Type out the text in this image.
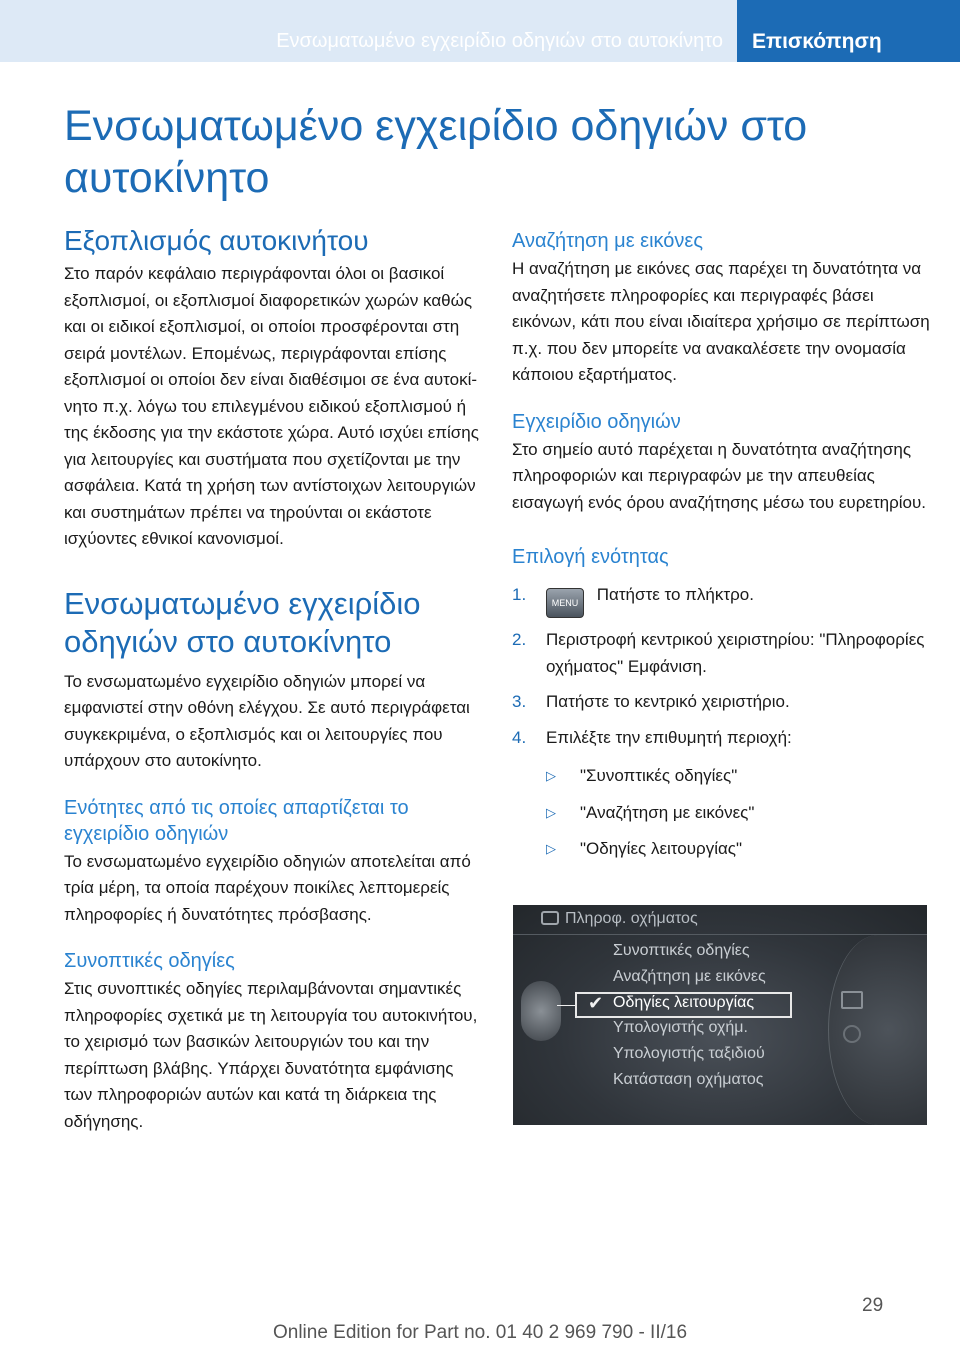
Ενσωματωμένο εγχειρίδιο οδηγιών στο αυτοκίνητο	Επισκόπηση
Ενσωματωμένο εγχειρίδιο οδηγιών στο αυτοκίνητο
Εξοπλισμός αυτοκινήτου

Στο παρόν κεφάλαιο περιγράφονται όλοι οι βασικοί εξοπλισμοί, οι εξοπλισμοί διαφορετικών χωρών καθώς και οι ειδικοί εξοπλισμοί, οι οποίοι προσφέρονται στη σειρά μοντέλων. Επομένως, περιγράφονται επίσης εξοπλισμοί οι οποίοι δεν είναι διαθέσιμοι σε ένα αυτοκίνητο π.χ. λόγω του επιλεγμένου ειδικού εξοπλισμού ή της έκδοσης για την εκάστοτε χώρα. Αυτό ισχύει επίσης για λειτουργίες και συστήματα που σχετίζονται με την ασφάλεια. Κατά τη χρήση των αντίστοιχων λειτουργιών και συστημάτων πρέπει να τηρούνται οι εκάστοτε ισχύοντες εθνικοί κανονισμοί.

Ενσωματωμένο εγχειρίδιο οδηγιών στο αυτοκίνητο

Το ενσωματωμένο εγχειρίδιο οδηγιών μπορεί να εμφανιστεί στην οθόνη ελέγχου. Σε αυτό περιγράφεται συγκεκριμένα, ο εξοπλισμός και οι λειτουργίες που υπάρχουν στο αυτοκίνητο.

Ενότητες από τις οποίες απαρτίζεται το εγχειρίδιο οδηγιών

Το ενσωματωμένο εγχειρίδιο οδηγιών αποτελείται από τρία μέρη, τα οποία παρέχουν ποικίλες λεπτομερείς πληροφορίες ή δυνατότητες πρόσβασης.

Συνοπτικές οδηγίες

Στις συνοπτικές οδηγίες περιλαμβάνονται σημαντικές πληροφορίες σχετικά με τη λειτουργία του αυτοκινήτου, το χειρισμό των βασικών λειτουργιών του και την περίπτωση βλάβης. Υπάρχει δυνατότητα εμφάνισης των πληροφοριών αυτών και κατά τη διάρκεια της οδήγησης.

Αναζήτηση με εικόνες

Η αναζήτηση με εικόνες σας παρέχει τη δυνατότητα να αναζητήσετε πληροφορίες και περιγραφές βάσει εικόνων, κάτι που είναι ιδιαίτερα χρήσιμο σε περίπτωση π.χ. που δεν μπορείτε να ανακαλέσετε την ονομασία κάποιου εξαρτήματος.

Εγχειρίδιο οδηγιών

Στο σημείο αυτό παρέχεται η δυνατότητα αναζήτησης πληροφοριών και περιγραφών με την απευθείας εισαγωγή ενός όρου αναζήτησης μέσω του ευρετηρίου.

Επιλογή ενότητας
1.	MENU Πατήστε το πλήκτρο.
2. Περιστροφή κεντρικού χειριστηρίου: "Πληροφορίες οχήματος" Εμφάνιση.
3. Πατήστε το κεντρικό χειριστήριο.
4. Επιλέξτε την επιθυμητή περιοχή:
▷ "Συνοπτικές οδηγίες"
▷ "Αναζήτηση με εικόνες"
▷ "Οδηγίες λειτουργίας"
Πληροφ. οχήματος
✔
Συνοπτικές οδηγίες
Αναζήτηση με εικόνες
Οδηγίες λειτουργίας
Υπολογιστής οχήμ.
Υπολογιστής ταξιδιού
Κατάσταση οχήματος
29
Online Edition for Part no. 01 40 2 969 790 - II/16
